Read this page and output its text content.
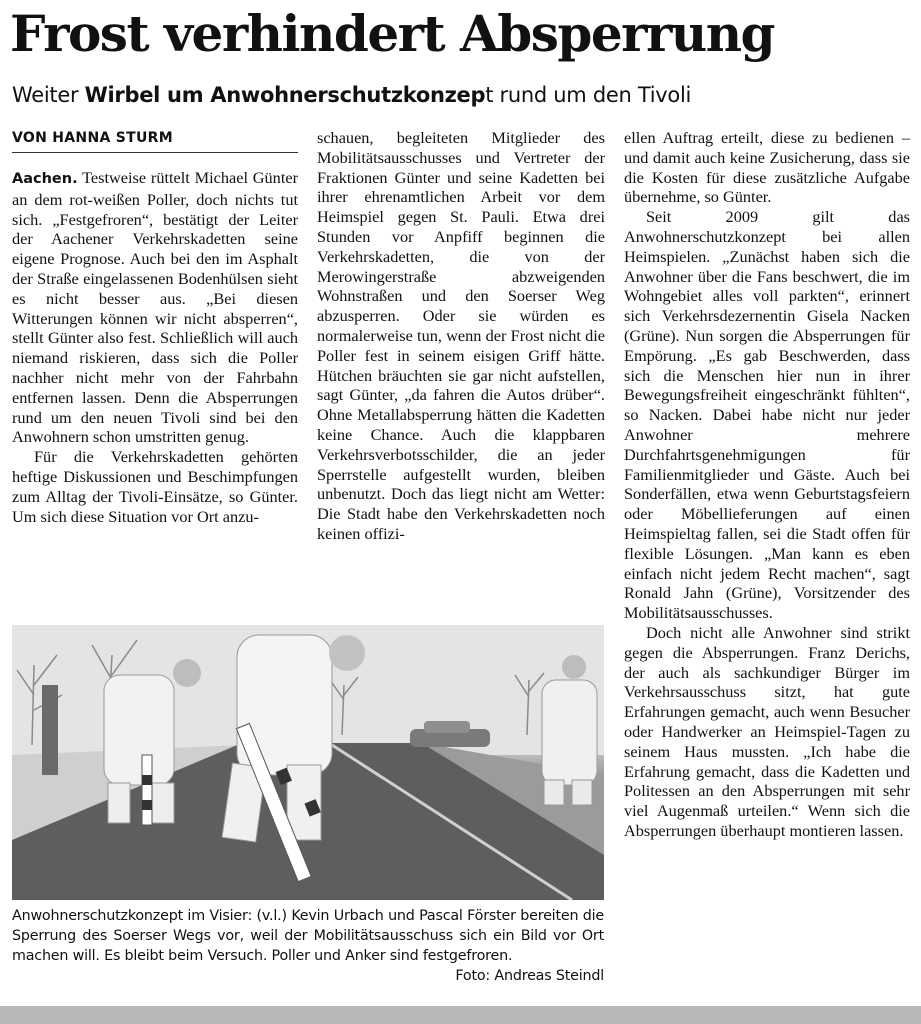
Frost verhindert Absperrung
Weiter Wirbel um Anwohnerschutzkonzept rund um den Tivoli
VON HANNA STURM

Aachen. Testweise rüttelt Michael Günter an dem rot-weißen Poller, doch nichts tut sich. „Festgefroren“, bestätigt der Leiter der Aachener Verkehrskadetten seine eigene Prognose. Auch bei den im Asphalt der Straße eingelassenen Bodenhülsen sieht es nicht besser aus. „Bei diesen Witterungen können wir nicht absperren“, stellt Günter also fest. Schließlich will auch niemand riskieren, dass sich die Poller nachher nicht mehr von der Fahrbahn entfernen lassen. Denn die Absperrungen rund um den neuen Tivoli sind bei den Anwohnern schon umstritten genug.

Für die Verkehrskadetten gehörten heftige Diskussionen und Beschimpfungen zum Alltag der Tivoli-Einsätze, so Günter. Um sich diese Situation vor Ort anzu-

schauen, begleiteten Mitglieder des Mobilitätsausschusses und Vertreter der Fraktionen Günter und seine Kadetten bei ihrer ehrenamtlichen Arbeit vor dem Heimspiel gegen St. Pauli. Etwa drei Stunden vor Anpfiff beginnen die Verkehrskadetten, die von der Merowingerstraße abzweigenden Wohnstraßen und den Soerser Weg abzusperren. Oder sie würden es normalerweise tun, wenn der Frost nicht die Poller fest in seinem eisigen Griff hätte. Hütchen bräuchten sie gar nicht aufstellen, sagt Günter, „da fahren die Autos drüber“. Ohne Metallabsperrung hätten die Kadetten keine Chance. Auch die klappbaren Verkehrsverbotsschilder, die an jeder Sperrstelle aufgestellt wurden, bleiben unbenutzt. Doch das liegt nicht am Wetter: Die Stadt habe den Verkehrskadetten noch keinen offizi-

ellen Auftrag erteilt, diese zu bedienen – und damit auch keine Zusicherung, dass sie die Kosten für diese zusätzliche Aufgabe übernehme, so Günter.

Seit 2009 gilt das Anwohnerschutzkonzept bei allen Heimspielen. „Zunächst haben sich die Anwohner über die Fans beschwert, die im Wohngebiet alles voll parkten“, erinnert sich Verkehrsdezernentin Gisela Nacken (Grüne). Nun sorgen die Absperrungen für Empörung. „Es gab Beschwerden, dass sich die Menschen hier nun in ihrer Bewegungsfreiheit eingeschränkt fühlten“, so Nacken. Dabei habe nicht nur jeder Anwohner mehrere Durchfahrtsgenehmigungen für Familienmitglieder und Gäste. Auch bei Sonderfällen, etwa wenn Geburtstagsfeiern oder Möbellieferungen auf einen Heimspieltag fallen, sei die Stadt offen für flexible Lösungen. „Man kann es eben einfach nicht jedem Recht machen“, sagt Ronald Jahn (Grüne), Vorsitzender des Mobilitätsausschusses.

Doch nicht alle Anwohner sind strikt gegen die Absperrungen. Franz Derichs, der auch als sachkundiger Bürger im Verkehrsausschuss sitzt, hat gute Erfahrungen gemacht, auch wenn Besucher oder Handwerker an Heimspiel-Tagen zu seinem Haus mussten. „Ich habe die Erfahrung gemacht, dass die Kadetten und Politessen an den Absperrungen mit sehr viel Augenmaß urteilen.“ Wenn sich die Absperrungen überhaupt montieren lassen.

Anwohnerschutzkonzept im Visier: (v.l.) Kevin Urbach und Pascal Förster bereiten die Sperrung des Soerser Wegs vor, weil der Mobilitätsausschuss sich ein Bild vor Ort machen will. Es bleibt beim Versuch. Poller und Anker sind festgefroren.
Foto: Andreas Steindl
